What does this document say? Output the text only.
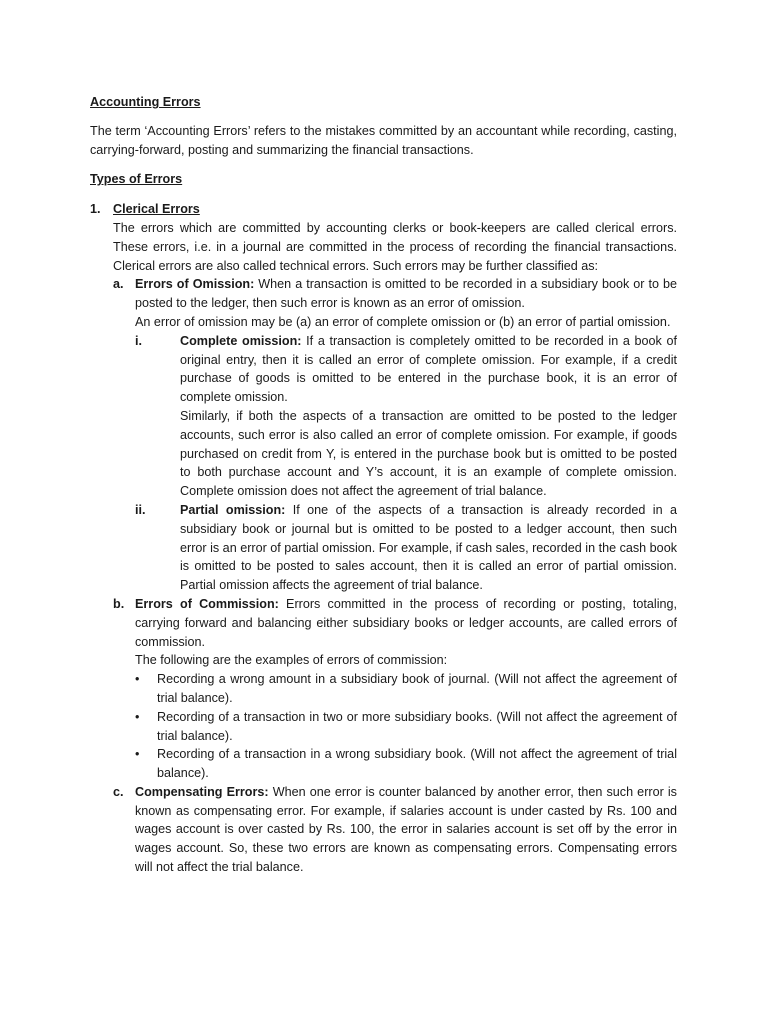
Accounting Errors

The term ‘Accounting Errors’ refers to the mistakes committed by an accountant while recording, casting, carrying-forward, posting and summarizing the financial transactions.

Types of Errors

1. Clerical Errors
The errors which are committed by accounting clerks or book-keepers are called clerical errors. These errors, i.e. in a journal are committed in the process of recording the financial transactions. Clerical errors are also called technical errors. Such errors may be further classified as:
a. Errors of Omission: When a transaction is omitted to be recorded in a subsidiary book or to be posted to the ledger, then such error is known as an error of omission.
An error of omission may be (a) an error of complete omission or (b) an error of partial omission.
i.	Complete omission: If a transaction is completely omitted to be recorded in a book of original entry, then it is called an error of complete omission. For example, if a credit purchase of goods is omitted to be entered in the purchase book, it is an error of complete omission.
Similarly, if both the aspects of a transaction are omitted to be posted to the ledger accounts, such error is also called an error of complete omission. For example, if goods purchased on credit from Y, is entered in the purchase book but is omitted to be posted to both purchase account and Y’s account, it is an example of complete omission. Complete omission does not affect the agreement of trial balance.
ii.	Partial omission: If one of the aspects of a transaction is already recorded in a subsidiary book or journal but is omitted to be posted to a ledger account, then such error is an error of partial omission. For example, if cash sales, recorded in the cash book is omitted to be posted to sales account, then it is called an error of partial omission. Partial omission affects the agreement of trial balance.
b. Errors of Commission: Errors committed in the process of recording or posting, totaling, carrying forward and balancing either subsidiary books or ledger accounts, are called errors of commission.
The following are the examples of errors of commission:
• Recording a wrong amount in a subsidiary book of journal. (Will not affect the agreement of trial balance).
• Recording of a transaction in two or more subsidiary books. (Will not affect the agreement of trial balance).
• Recording of a transaction in a wrong subsidiary book. (Will not affect the agreement of trial balance).
c. Compensating Errors: When one error is counter balanced by another error, then such error is known as compensating error. For example, if salaries account is under casted by Rs. 100 and wages account is over casted by Rs. 100, the error in salaries account is set off by the error in wages account. So, these two errors are known as compensating errors. Compensating errors will not affect the trial balance.
